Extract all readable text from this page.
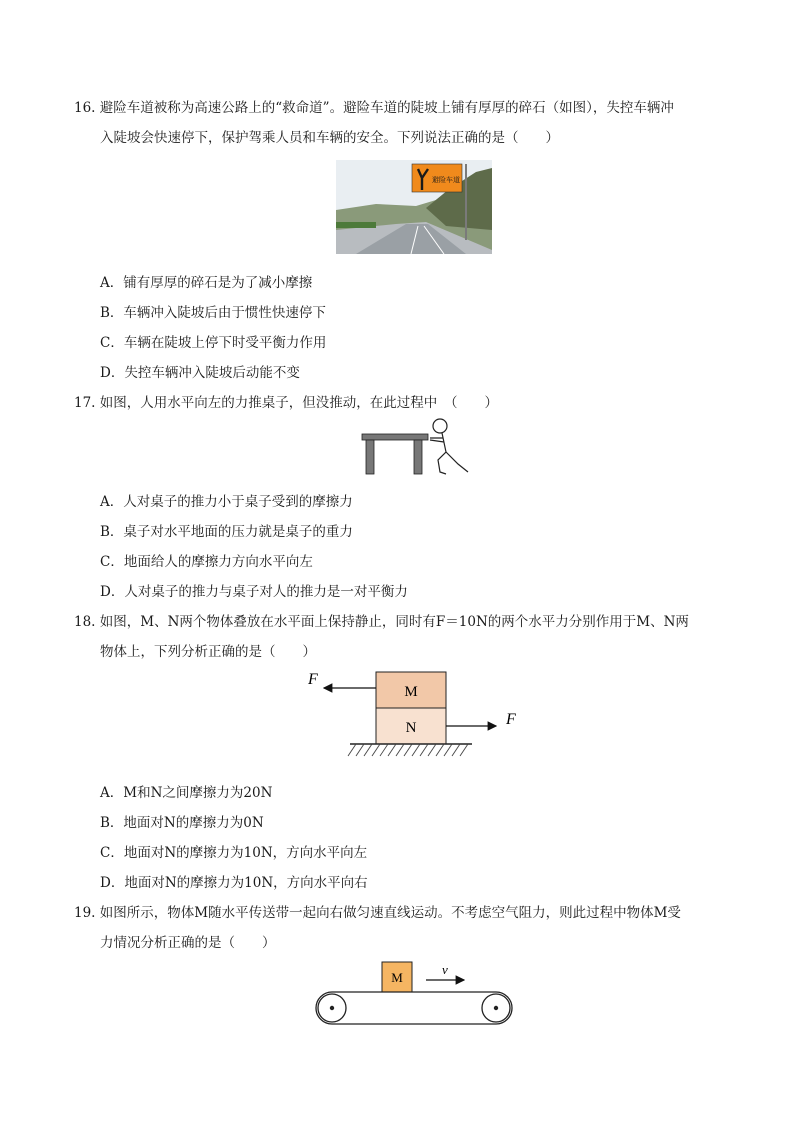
16. 避险车道被称为高速公路上的“救命道”。避险车道的陡坡上铺有厚厚的碎石（如图），失控车辆冲
入陡坡会快速停下，保护驾乘人员和车辆的安全。下列说法正确的是（　　）
避险车道
A．铺有厚厚的碎石是为了减小摩擦
B．车辆冲入陡坡后由于惯性快速停下
C．车辆在陡坡上停下时受平衡力作用
D．失控车辆冲入陡坡后动能不变
17. 如图，人用水平向左的力推桌子，但没推动，在此过程中　（　　）
A．人对桌子的推力小于桌子受到的摩擦力
B．桌子对水平地面的压力就是桌子的重力
C．地面给人的摩擦力方向水平向左
D．人对桌子的推力与桌子对人的推力是一对平衡力
18. 如图，M、N两个物体叠放在水平面上保持静止，同时有F＝10N的两个水平力分别作用于M、N两
物体上，下列分析正确的是（　　）
M
N
F
F
A．M和N之间摩擦力为20N
B．地面对N的摩擦力为0N
C．地面对N的摩擦力为10N，方向水平向左
D．地面对N的摩擦力为10N，方向水平向右
19. 如图所示，物体M随水平传送带一起向右做匀速直线运动。不考虑空气阻力，则此过程中物体M受
力情况分析正确的是（　　）
M
v
